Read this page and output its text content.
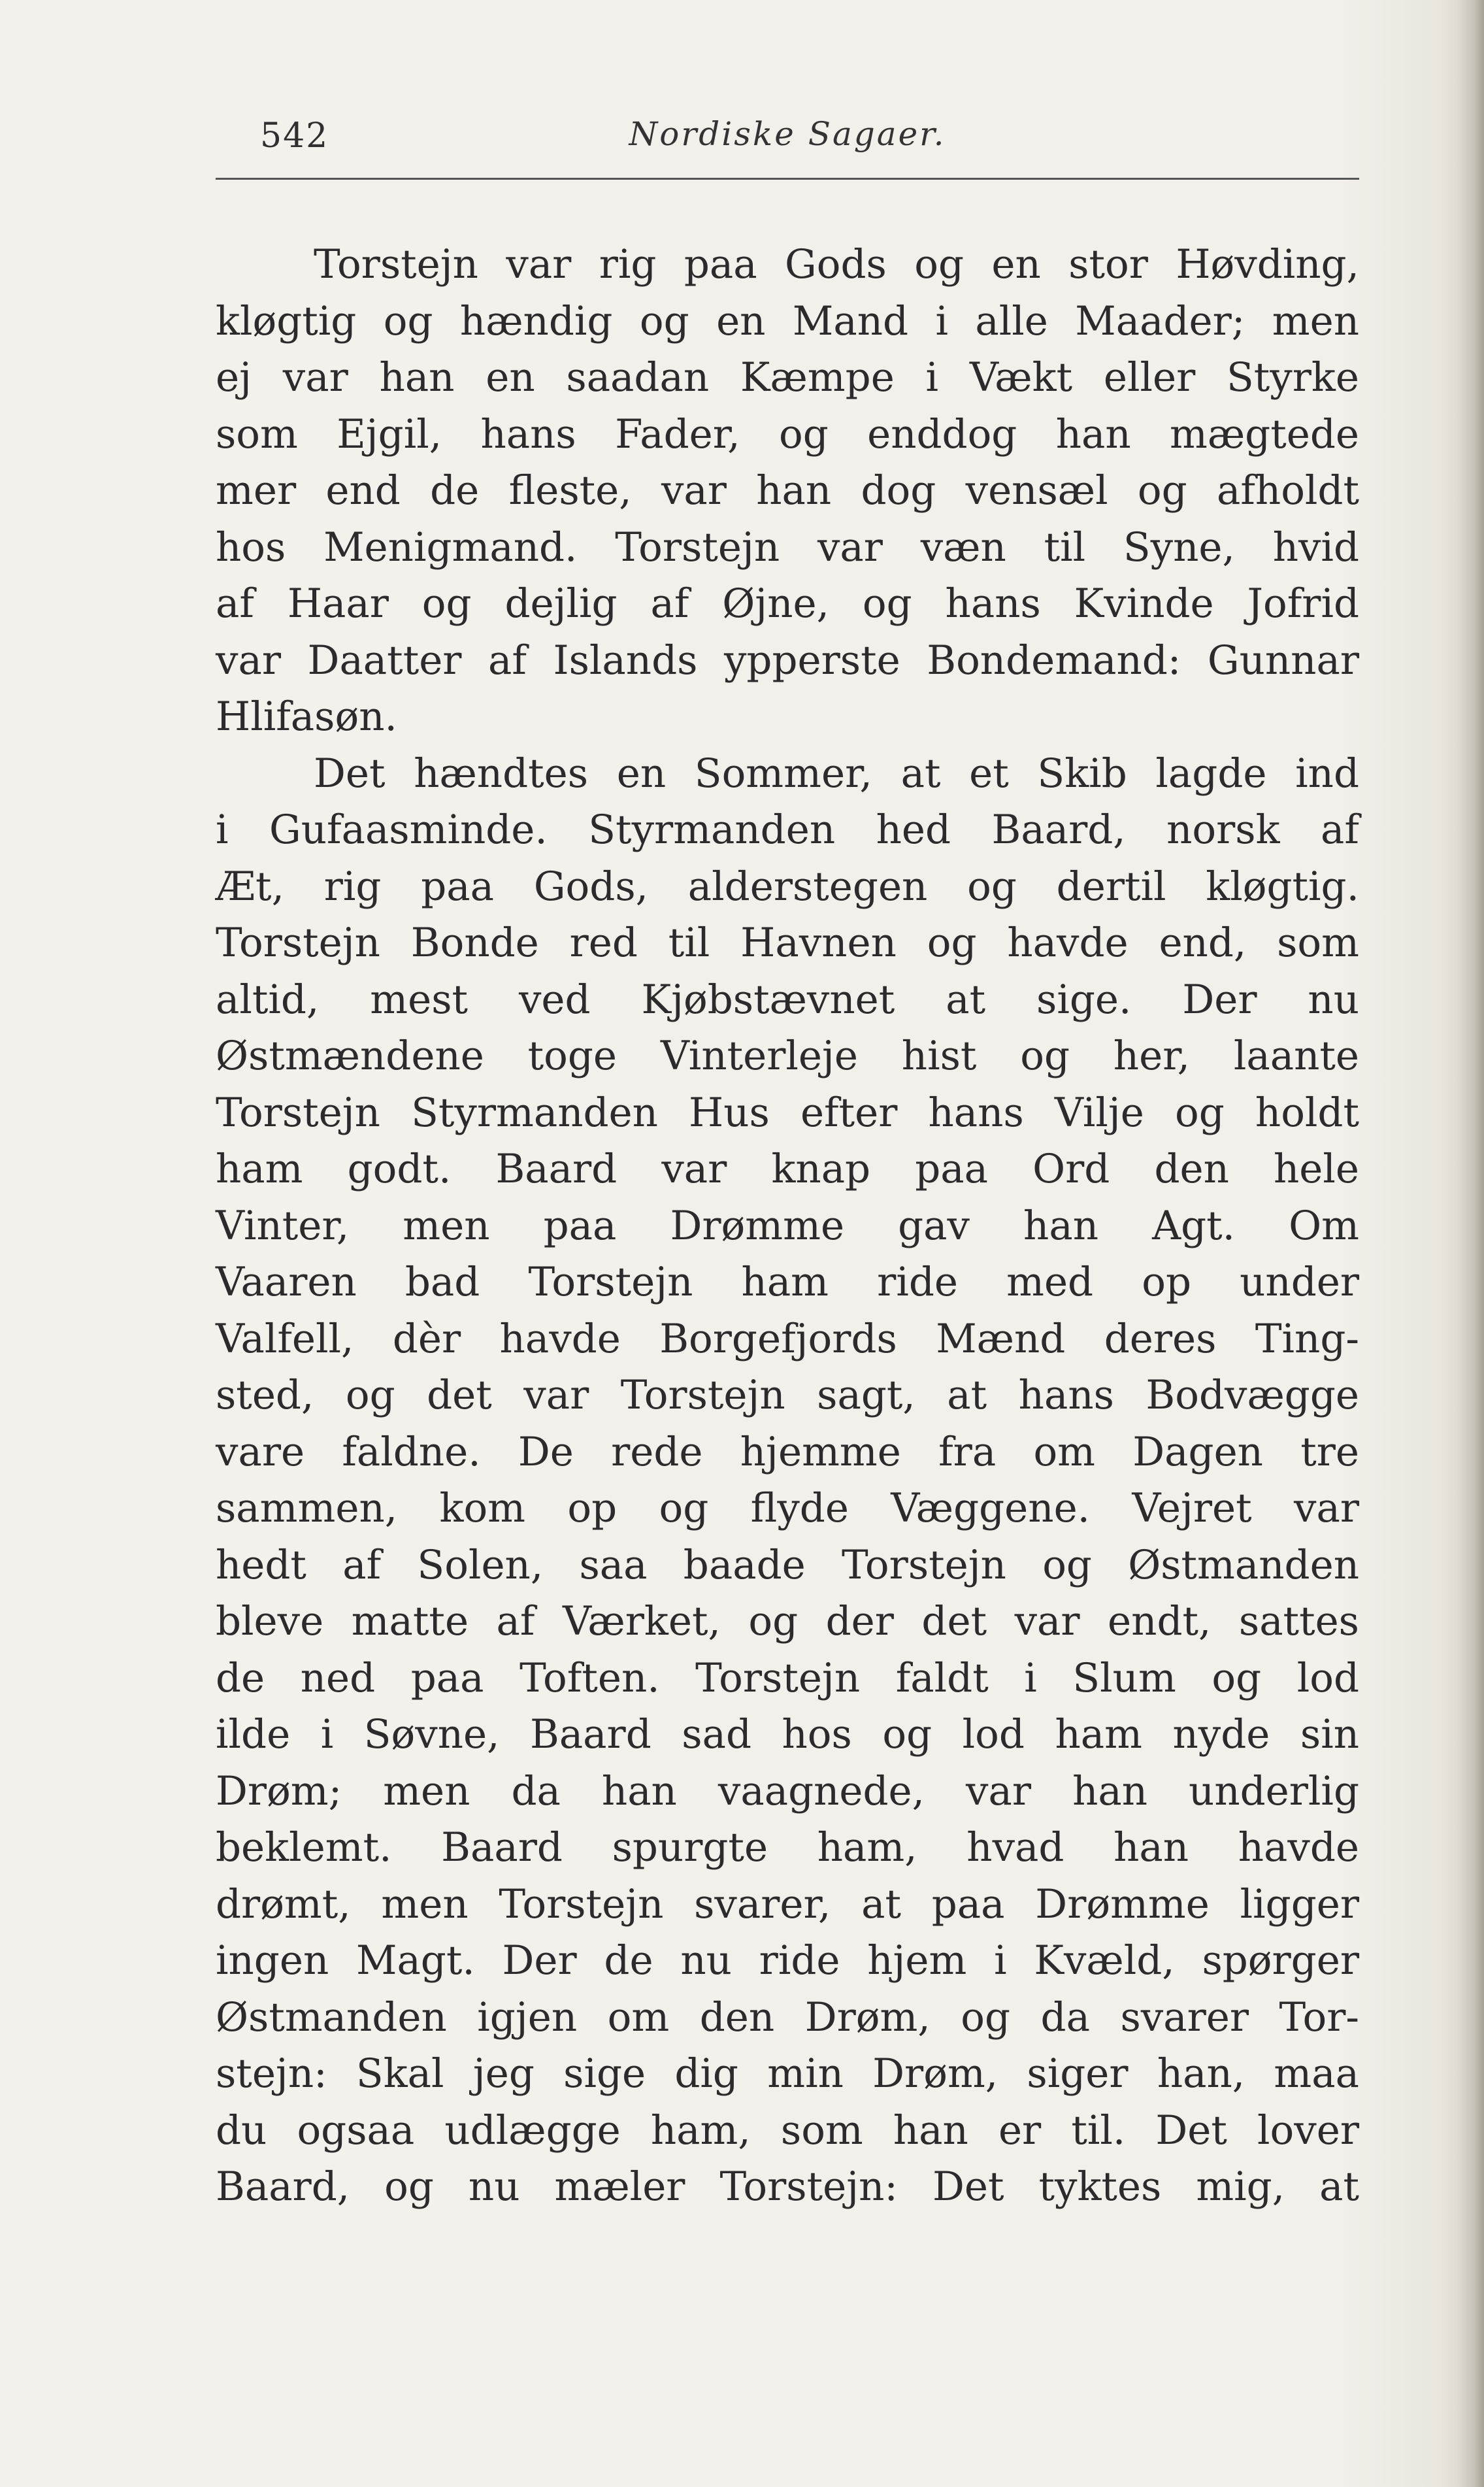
542	Nordiske Sagaer.
Torstejn var rig paa Gods og en stor Høvding,
kløgtig og hændig og en Mand i alle Maader; men
ej var han en saadan Kæmpe i Vækt eller Styrke
som Ejgil, hans Fader, og enddog han mægtede
mer end de fleste, var han dog vensæl og afholdt
hos Menigmand. Torstejn var væn til Syne, hvid
af Haar og dejlig af Øjne, og hans Kvinde Jofrid
var Daatter af Islands ypperste Bondemand: Gunnar
Hlifasøn.
Det hændtes en Sommer, at et Skib lagde ind
i Gufaasminde. Styrmanden hed Baard, norsk af
Æt, rig paa Gods, alderstegen og dertil kløgtig.
Torstejn Bonde red til Havnen og havde end, som
altid, mest ved Kjøbstævnet at sige. Der nu
Østmændene toge Vinterleje hist og her, laante
Torstejn Styrmanden Hus efter hans Vilje og holdt
ham godt. Baard var knap paa Ord den hele
Vinter, men paa Drømme gav han Agt. Om
Vaaren bad Torstejn ham ride med op under
Valfell, dèr havde Borgefjords Mænd deres Ting-
sted, og det var Torstejn sagt, at hans Bodvægge
vare faldne. De rede hjemme fra om Dagen tre
sammen, kom op og flyde Væggene. Vejret var
hedt af Solen, saa baade Torstejn og Østmanden
bleve matte af Værket, og der det var endt, sattes
de ned paa Toften. Torstejn faldt i Slum og lod
ilde i Søvne, Baard sad hos og lod ham nyde sin
Drøm; men da han vaagnede, var han underlig
beklemt. Baard spurgte ham, hvad han havde
drømt, men Torstejn svarer, at paa Drømme ligger
ingen Magt. Der de nu ride hjem i Kvæld, spørger
Østmanden igjen om den Drøm, og da svarer Tor-
stejn: Skal jeg sige dig min Drøm, siger han, maa
du ogsaa udlægge ham, som han er til. Det lover
Baard, og nu mæler Torstejn: Det tyktes mig, at
